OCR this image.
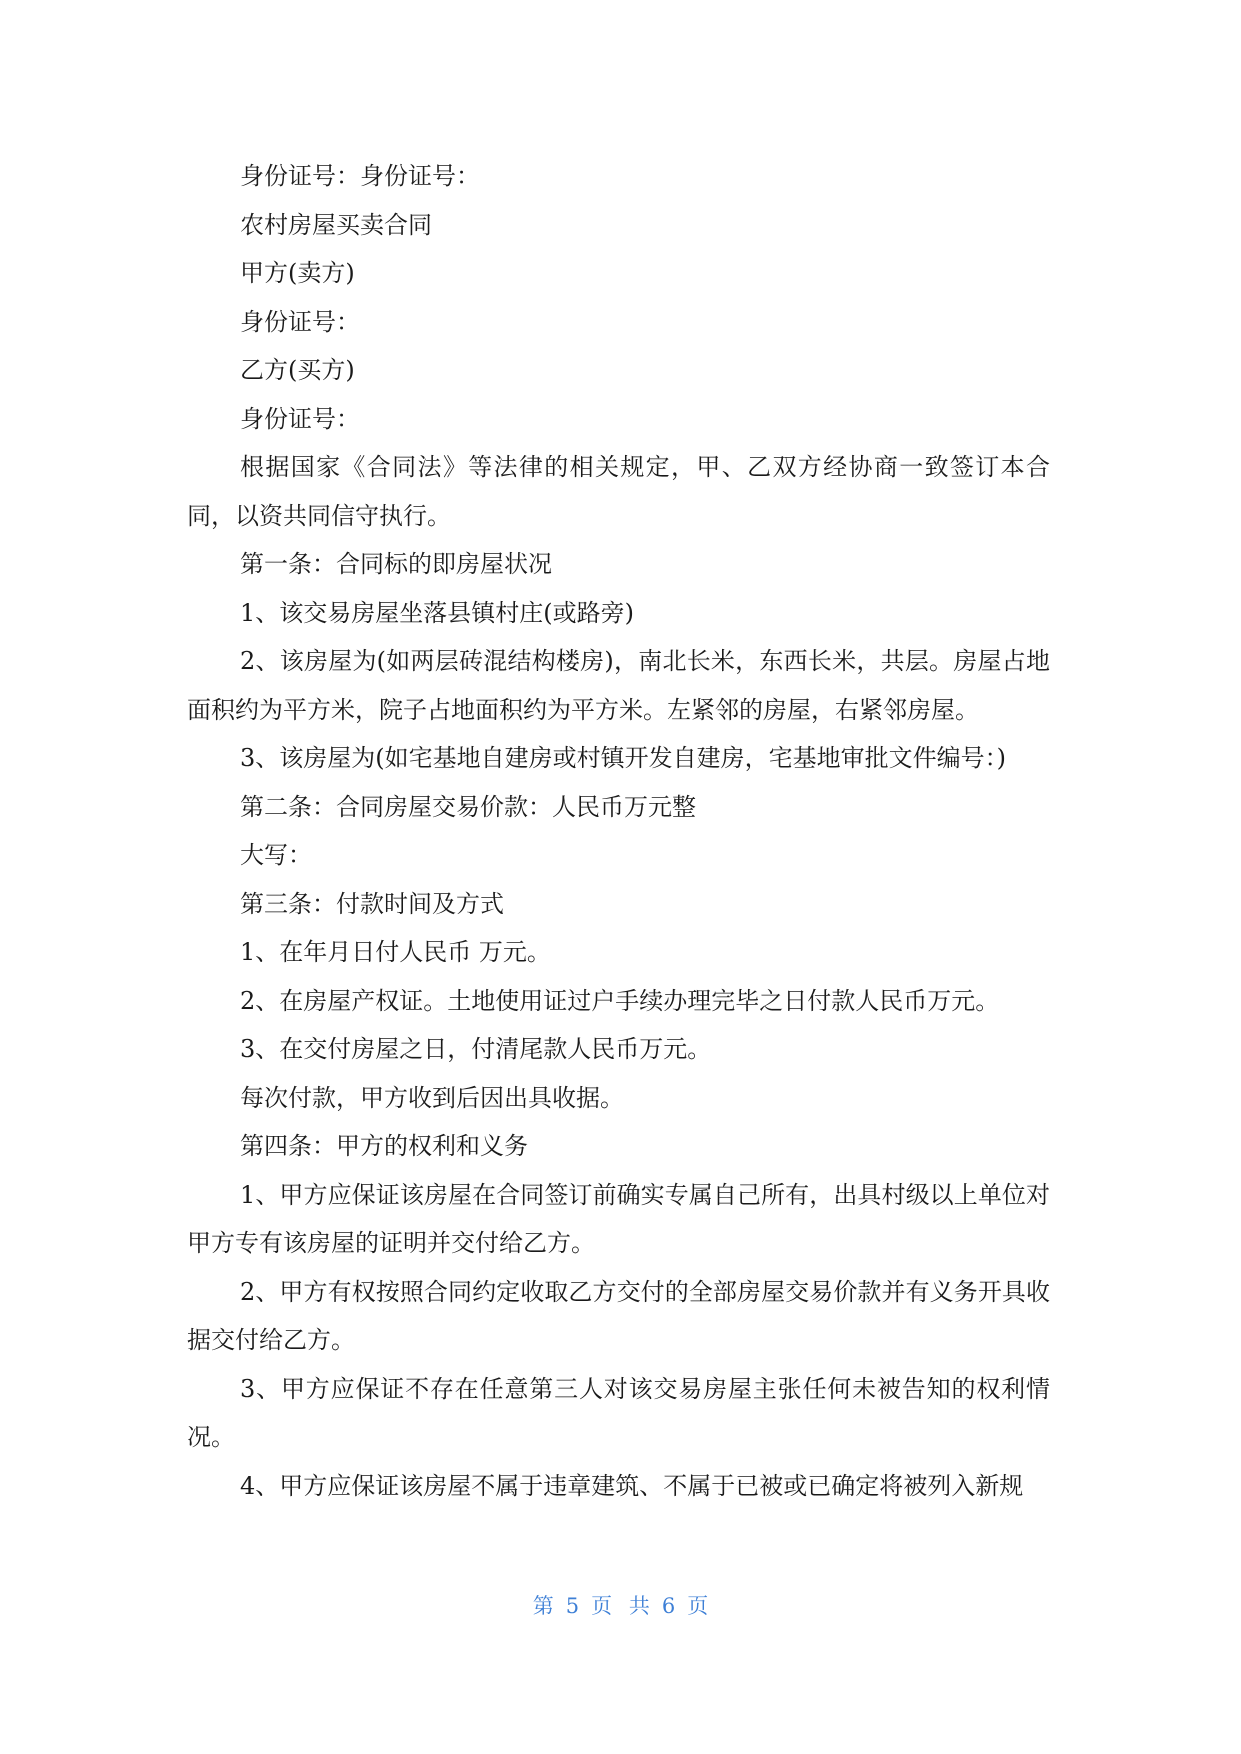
身份证号：身份证号：

农村房屋买卖合同

甲方(卖方)

身份证号：

乙方(买方)

身份证号：

根据国家《合同法》等法律的相关规定，甲、乙双方经协商一致签订本合同，以资共同信守执行。

第一条：合同标的即房屋状况

1、该交易房屋坐落县镇村庄(或路旁)

2、该房屋为(如两层砖混结构楼房)，南北长米，东西长米，共层。房屋占地面积约为平方米，院子占地面积约为平方米。左紧邻的房屋，右紧邻房屋。

3、该房屋为(如宅基地自建房或村镇开发自建房，宅基地审批文件编号：)

第二条：合同房屋交易价款：人民币万元整

大写：

第三条：付款时间及方式

1、在年月日付人民币 万元。

2、在房屋产权证。土地使用证过户手续办理完毕之日付款人民币万元。

3、在交付房屋之日，付清尾款人民币万元。

每次付款，甲方收到后因出具收据。

第四条：甲方的权利和义务

1、甲方应保证该房屋在合同签订前确实专属自己所有，出具村级以上单位对甲方专有该房屋的证明并交付给乙方。

2、甲方有权按照合同约定收取乙方交付的全部房屋交易价款并有义务开具收据交付给乙方。

3、甲方应保证不存在任意第三人对该交易房屋主张任何未被告知的权利情况。

4、甲方应保证该房屋不属于违章建筑、不属于已被或已确定将被列入新规

第 5 页 共 6 页
